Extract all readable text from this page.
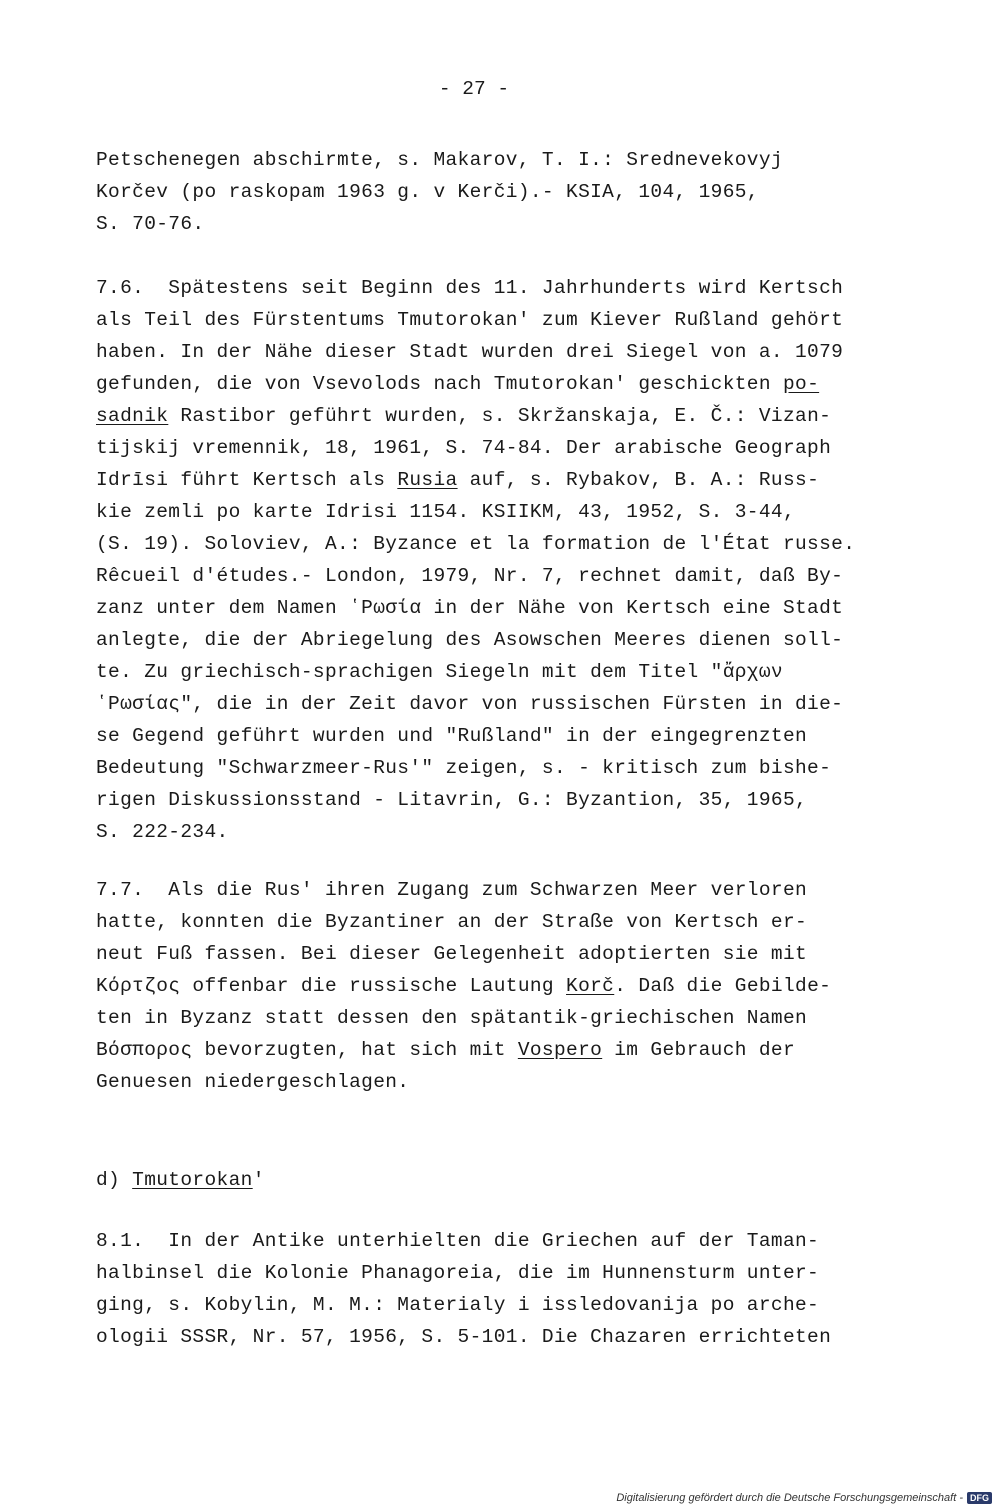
- 27 -
Petschenegen abschirmte, s. Makarov, T. I.: Srednevekovyj
Korčev (po raskopam 1963 g. v Kerči).- KSIA, 104, 1965,
S. 70-76.
7.6.  Spätestens seit Beginn des 11. Jahrhunderts wird Kertsch
als Teil des Fürstentums Tmutorokan' zum Kiever Rußland gehört
haben. In der Nähe dieser Stadt wurden drei Siegel von a. 1079
gefunden, die von Vsevolods nach Tmutorokan' geschickten po-
sadnik Rastibor geführt wurden, s. Skržanskaja, E. Č.: Vizan-
tijskij vremennik, 18, 1961, S. 74-84. Der arabische Geograph
Idrīsi führt Kertsch als Rusia auf, s. Rybakov, B. A.: Russ-
kie zemli po karte Idrisi 1154. KSIIKM, 43, 1952, S. 3-44,
(S. 19). Soloviev, A.: Byzance et la formation de l'État russe.
Rêcueil d'études.- London, 1979, Nr. 7, rechnet damit, daß By-
zanz unter dem Namen ʽΡωσία in der Nähe von Kertsch eine Stadt
anlegte, die der Abriegelung des Asowschen Meeres dienen soll-
te. Zu griechisch-sprachigen Siegeln mit dem Titel "ἄρχων
ʽΡωσίας", die in der Zeit davor von russischen Fürsten in die-
se Gegend geführt wurden und "Rußland" in der eingegrenzten
Bedeutung "Schwarzmeer-Rus'" zeigen, s. - kritisch zum bishe-
rigen Diskussionsstand - Litavrin, G.: Byzantion, 35, 1965,
S. 222-234.
7.7.  Als die Rus' ihren Zugang zum Schwarzen Meer verloren
hatte, konnten die Byzantiner an der Straße von Kertsch er-
neut Fuß fassen. Bei dieser Gelegenheit adoptierten sie mit
Κόρτζος offenbar die russische Lautung Korč. Daß die Gebilde-
ten in Byzanz statt dessen den spätantik-griechischen Namen
Βόσπορος bevorzugten, hat sich mit Vospero im Gebrauch der
Genuesen niedergeschlagen.
d) Tmutorokan'
8.1.  In der Antike unterhielten die Griechen auf der Taman-
halbinsel die Kolonie Phanagoreia, die im Hunnensturm unter-
ging, s. Kobylin, M. M.: Materialy i issledovanija po arche-
ologii SSSR, Nr. 57, 1956, S. 5-101. Die Chazaren errichteten
Digitalisierung gefördert durch die Deutsche Forschungsgemeinschaft - DFG
